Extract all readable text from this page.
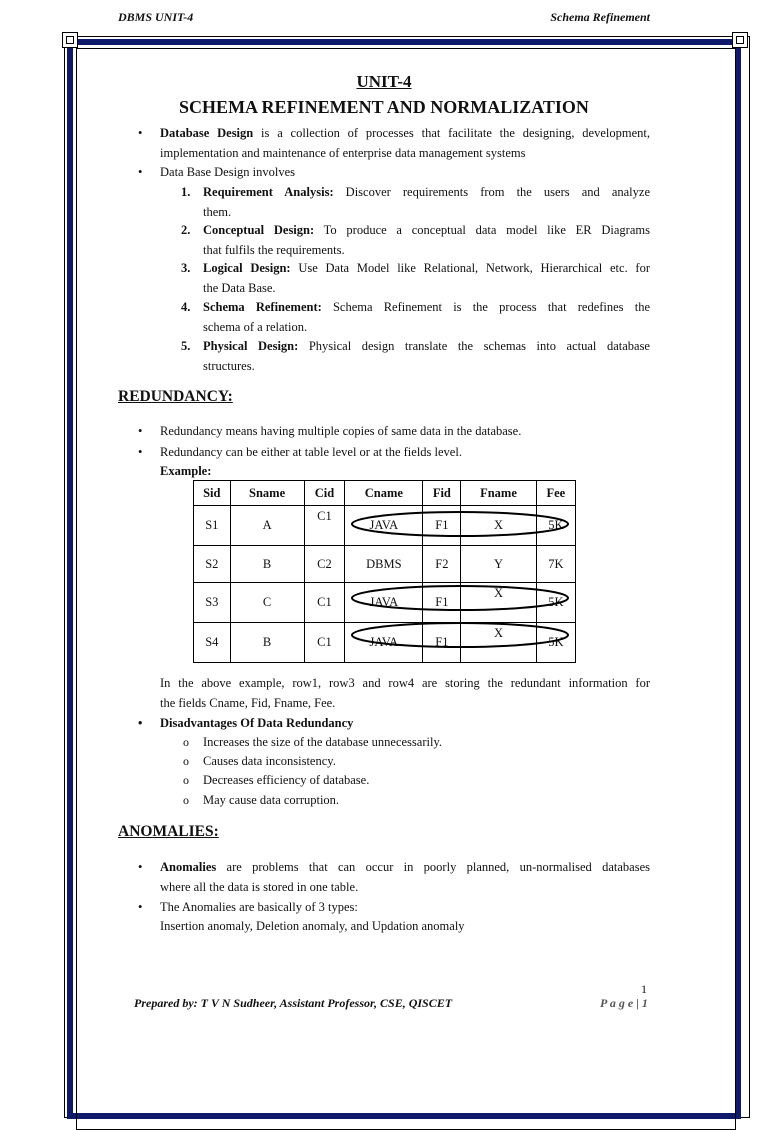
DBMS UNIT-4	Schema Refinement
UNIT-4
SCHEMA REFINEMENT AND NORMALIZATION
• Database Design is a collection of processes that facilitate the designing, development,
implementation and maintenance of enterprise data management systems
• Data Base Design involves
1. Requirement Analysis: Discover requirements from the users and analyze
them.
2. Conceptual Design: To produce a conceptual data model like ER Diagrams
that fulfils the requirements.
3. Logical Design: Use Data Model like Relational, Network, Hierarchical etc. for
the Data Base.
4. Schema Refinement: Schema Refinement is the process that redefines the
schema of a relation.
5. Physical Design: Physical design translate the schemas into actual database
structures.
REDUNDANCY:
• Redundancy means having multiple copies of same data in the database.
• Redundancy can be either at table level or at the fields level.
Example:
Sid	Sname	Cid	Cname	Fid	Fname	Fee
S1	A	C1	JAVA	F1	X	5K
S2	B	C2	DBMS	F2	Y	7K
S3	C	C1	JAVA	F1	X	5K
S4	B	C1	JAVA	F1	X	5K
In the above example, row1, row3 and row4 are storing the redundant information for
the fields Cname, Fid, Fname, Fee.
• Disadvantages Of Data Redundancy
o Increases the size of the database unnecessarily.
o Causes data inconsistency.
o Decreases efficiency of database.
o May cause data corruption.
ANOMALIES:
• Anomalies are problems that can occur in poorly planned, un-normalised databases
where all the data is stored in one table.
• The Anomalies are basically of 3 types:
Insertion anomaly, Deletion anomaly, and Updation anomaly
1
Prepared by: T V N Sudheer, Assistant Professor, CSE, QISCET	P a g e | 1
